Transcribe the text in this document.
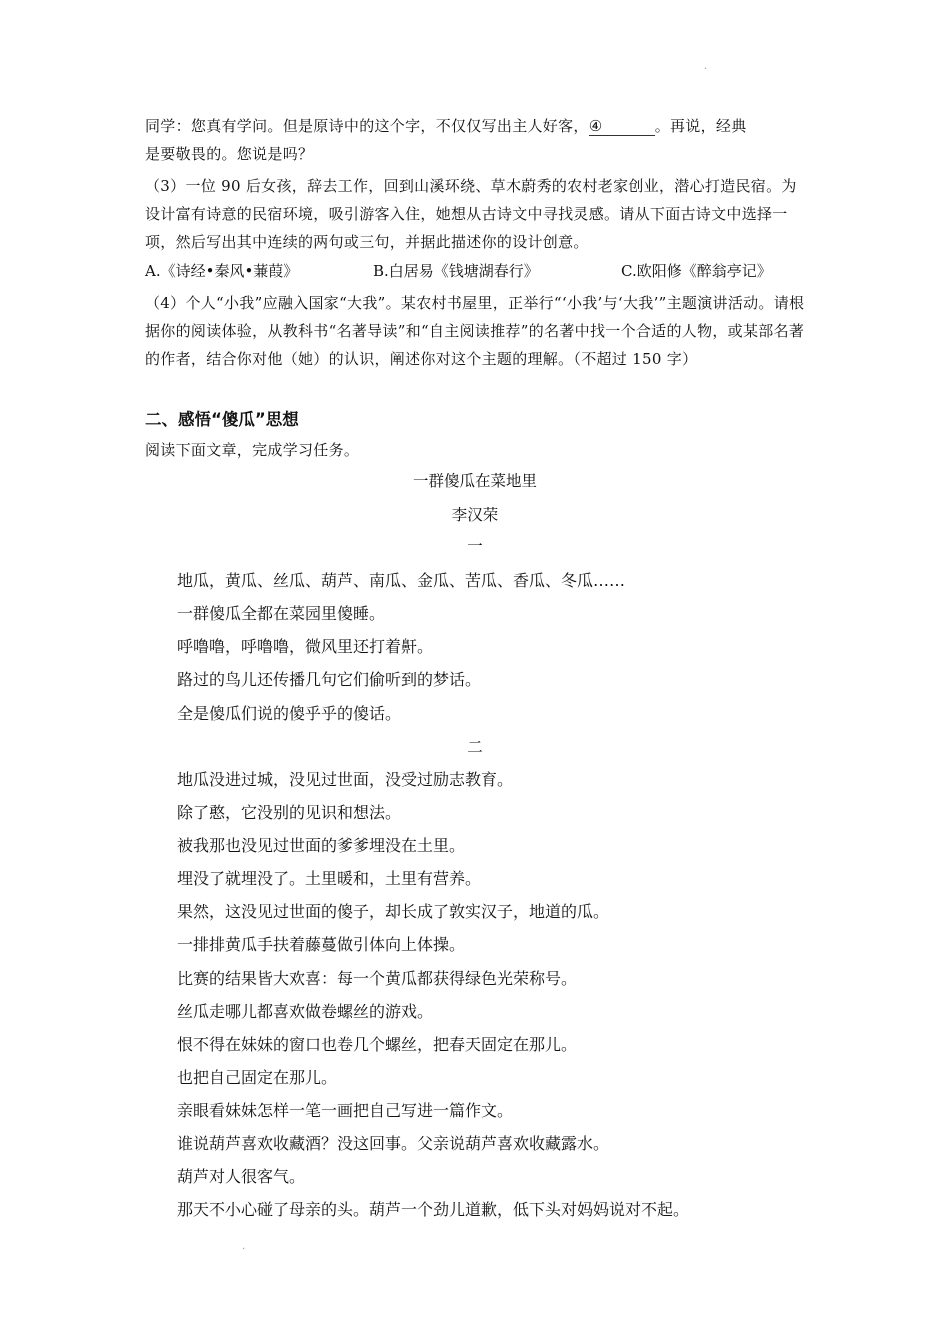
·
同学：您真有学问。但是原诗中的这个字，不仅仅写出主人好客，④	。再说，经典
是要敬畏的。您说是吗？
（3）一位 90 后女孩，辞去工作，回到山溪环绕、草木蔚秀的农村老家创业，潜心打造民宿。为设计富有诗意的民宿环境，吸引游客入住，她想从古诗文中寻找灵感。请从下面古诗文中选择一项，然后写出其中连续的两句或三句，并据此描述你的设计创意。
A.《诗经•秦风•蒹葭》	B.白居易《钱塘湖春行》	C.欧阳修《醉翁亭记》
（4）个人“小我”应融入国家“大我”。某农村书屋里，正举行“‘小我’与‘大我’”主题演讲活动。请根据你的阅读体验，从教科书“名著导读”和“自主阅读推荐”的名著中找一个合适的人物，或某部名著的作者，结合你对他（她）的认识，阐述你对这个主题的理解。（不超过 150 字）
二、感悟“傻瓜”思想
阅读下面文章，完成学习任务。
一群傻瓜在菜地里
李汉荣
一
地瓜，黄瓜、丝瓜、葫芦、南瓜、金瓜、苦瓜、香瓜、冬瓜……
一群傻瓜全都在菜园里傻睡。
呼噜噜，呼噜噜，微风里还打着鼾。
路过的鸟儿还传播几句它们偷听到的梦话。
全是傻瓜们说的傻乎乎的傻话。
二
地瓜没进过城，没见过世面，没受过励志教育。
除了憨，它没别的见识和想法。
被我那也没见过世面的爹爹埋没在土里。
埋没了就埋没了。土里暖和，土里有营养。
果然，这没见过世面的傻子，却长成了敦实汉子，地道的瓜。
一排排黄瓜手扶着藤蔓做引体向上体操。
比赛的结果皆大欢喜：每一个黄瓜都获得绿色光荣称号。
丝瓜走哪儿都喜欢做卷螺丝的游戏。
恨不得在妹妹的窗口也卷几个螺丝，把春天固定在那儿。
也把自己固定在那儿。
亲眼看妹妹怎样一笔一画把自己写进一篇作文。
谁说葫芦喜欢收藏酒？没这回事。父亲说葫芦喜欢收藏露水。
葫芦对人很客气。
那天不小心碰了母亲的头。葫芦一个劲儿道歉，低下头对妈妈说对不起。
·
